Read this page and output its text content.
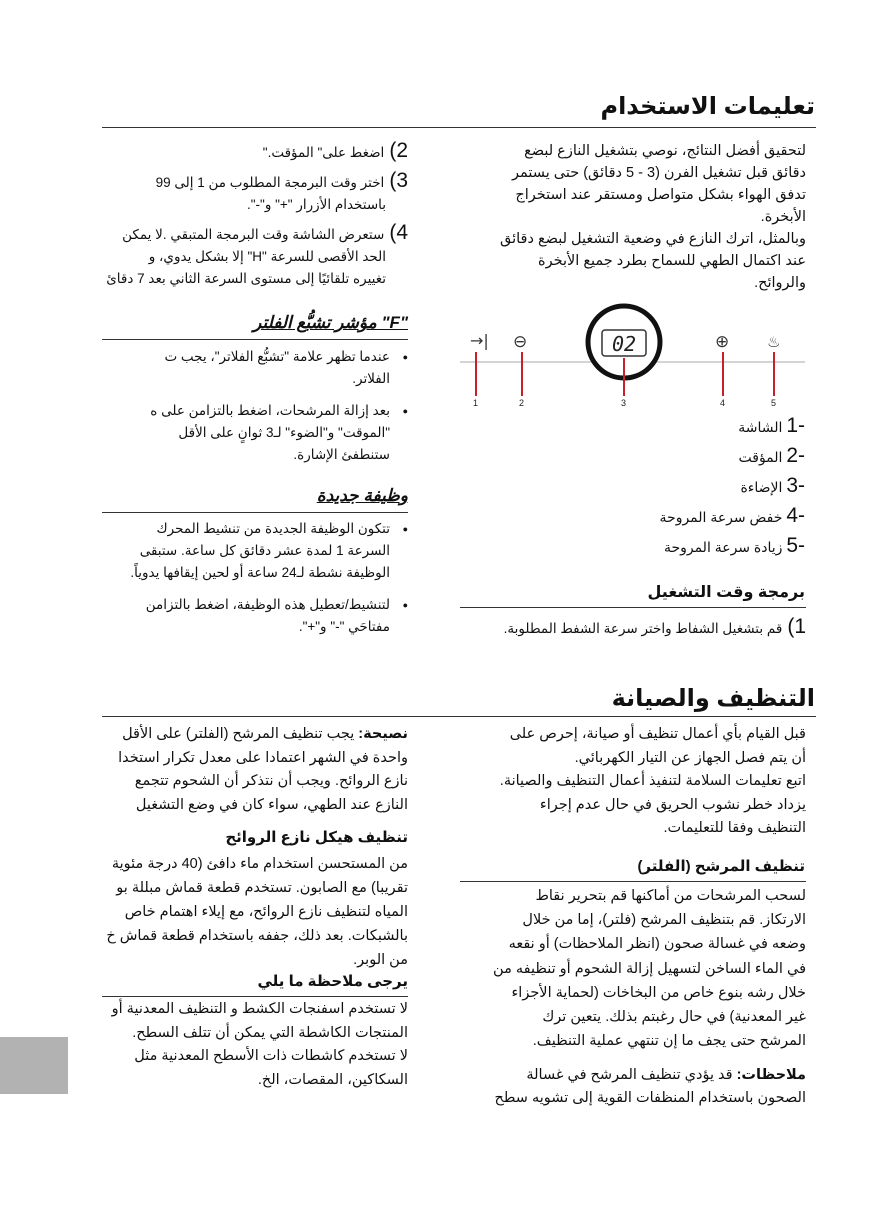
تعليمات الاستخدام

لتحقيق أفضل النتائج، نوصي بتشغيل النازع لبضع

دقائق قبل تشغيل الفرن (3 - 5 دقائق) حتى يستمر

تدفق الهواء بشكل متواصل ومستقر عند استخراج

الأبخرة.

وبالمثل، اترك النازع في وضعية التشغيل لبضع دقائق

عند اكتمال الطهي للسماح بطرد جميع الأبخرة

والروائح.

→|
1
⊖
2
02
3
⊕
4
♨
5
-1 الشاشة
-2 المؤقت
-3 الإضاءة
-4 خفض سرعة المروحة
-5 زيادة سرعة المروحة
برمجة وقت التشغيل
1)قم بتشغيل الشفاط واختر سرعة الشفط المطلوبة.

2)اضغط على" المؤقت."

3)اختر وقت البرمجة المطلوب من 1 إلى 99

باستخدام الأزرار "+" و"-".

4)ستعرض الشاشة وقت البرمجة المتبقي .لا يمكن

الحد الأقصى للسرعة "H" إلا بشكل يدوي، و

تغييره تلقائيًا إلى مستوى السرعة الثاني بعد 7 دقائ

"F" مؤشر تشبُّع الفلتر
● عندما تظهر علامة "تشبُّع الفلاتر"، يجب ت
الفلاتر.
● بعد إزالة المرشحات، اضغط بالتزامن على ه
"الموقت" و"الضوء" لـ3 ثوانٍ على الأقل
ستنطفئ الإشارة.
وظيفة جديدة
● تتكون الوظيفة الجديدة من تنشيط المحرك
السرعة 1 لمدة عشر دقائق كل ساعة. ستبقى
الوظيفة نشطة لـ24 ساعة أو لحين إيقافها يدوياً.
● لتنشيط/تعطيل هذه الوظيفة، اضغط بالتزامن
مفتاحَي "-" و"+".
التنظيف والصيانة

قبل القيام بأي أعمال تنظيف أو صيانة، إحرص على

أن يتم فصل الجهاز عن التيار الكهربائي.

اتبع تعليمات السلامة لتنفيذ أعمال التنظيف والصيانة.

يزداد خطر نشوب الحريق في حال عدم إجراء

التنظيف وفقا للتعليمات.

تنظيف المرشح (الفلتر)

لسحب المرشحات من أماكنها قم بتحرير نقاط

الارتكاز. قم بتنظيف المرشح (فلتر)، إما من خلال

وضعه في غسالة صحون (انظر الملاحظات) أو نقعه

في الماء الساخن لتسهيل إزالة الشحوم أو تنظيفه من

خلال رشه بنوع خاص من البخاخات (لحماية الأجزاء

غير المعدنية) في حال رغبتم بذلك. يتعين ترك

المرشح حتى يجف ما إن تنتهي عملية التنظيف.

ملاحظات: قد يؤدي تنظيف المرشح في غسالة

الصحون باستخدام المنظفات القوية إلى تشويه سطح

نصيحة: يجب تنظيف المرشح (الفلتر) على الأقل

واحدة في الشهر اعتمادا على معدل تكرار استخدا

نازع الروائح. ويجب أن نتذكر أن الشحوم تتجمع

النازع عند الطهي، سواء كان في وضع التشغيل

تنظيف هيكل نازع الروائح

من المستحسن استخدام ماء دافئ (40 درجة مئوية

تقريبا) مع الصابون. تستخدم قطعة قماش مبللة بو

المياه لتنظيف نازع الروائح، مع إيلاء اهتمام خاص

بالشبكات. بعد ذلك، جففه باستخدام قطعة قماش خ

من الوبر.

يرجى ملاحظة ما يلي

لا تستخدم اسفنجات الكشط و التنظيف المعدنية أو

المنتجات الكاشطة التي يمكن أن تتلف السطح.

لا تستخدم كاشطات ذات الأسطح المعدنية مثل

السكاكين، المقصات، الخ.
